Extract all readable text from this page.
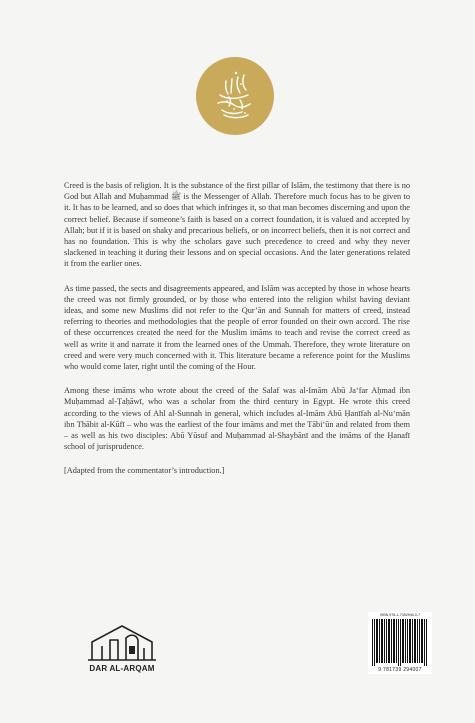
Creed is the basis of religion. It is the substance of the first pillar of Islām, the testimony that there is no God but Allah and Muḥammad ﷺ is the Messenger of Allah. Therefore much focus has to be given to it. It has to be learned, and so does that which infringes it, so that man becomes discerning and upon the correct belief. Because if someone’s faith is based on a correct foundation, it is valued and accepted by Allah; but if it is based on shaky and precarious beliefs, or on incorrect beliefs, then it is not correct and has no foundation. This is why the scholars gave such precedence to creed and why they never slackened in teaching it during their lessons and on special occasions. And the later generations related it from the earlier ones.

As time passed, the sects and disagreements appeared, and Islām was accepted by those in whose hearts the creed was not firmly grounded, or by those who entered into the religion whilst having deviant ideas, and some new Muslims did not refer to the Qur’ān and Sunnah for matters of creed, instead referring to theories and methodologies that the people of error founded on their own accord. The rise of these occurrences created the need for the Muslim imāms to teach and revise the correct creed as well as write it and narrate it from the learned ones of the Ummah. Therefore, they wrote literature on creed and were very much concerned with it. This literature became a reference point for the Muslims who would come later, right until the coming of the Hour.

Among these imāms who wrote about the creed of the Salaf was al-Imām Abū Ja‘far Aḥmad ibn Muḥammad al-Ṭaḥāwī, who was a scholar from the third century in Egypt. He wrote this creed according to the views of Ahl al-Sunnah in general, which includes al-Imām Abū Ḥanīfah al-Nu‘mān ibn Thābit al-Kūfī – who was the earliest of the four imāms and met the Tābi‘ūn and related from them – as well as his two disciples: Abū Yūsuf and Muḥammad al-Shaybānī and the imāms of the Ḥanafī school of jurisprudence.

[Adapted from the commentator’s introduction.]

DAR AL-ARQAM
ISBN 978-1-7392940-0-7
9 781739 294007
